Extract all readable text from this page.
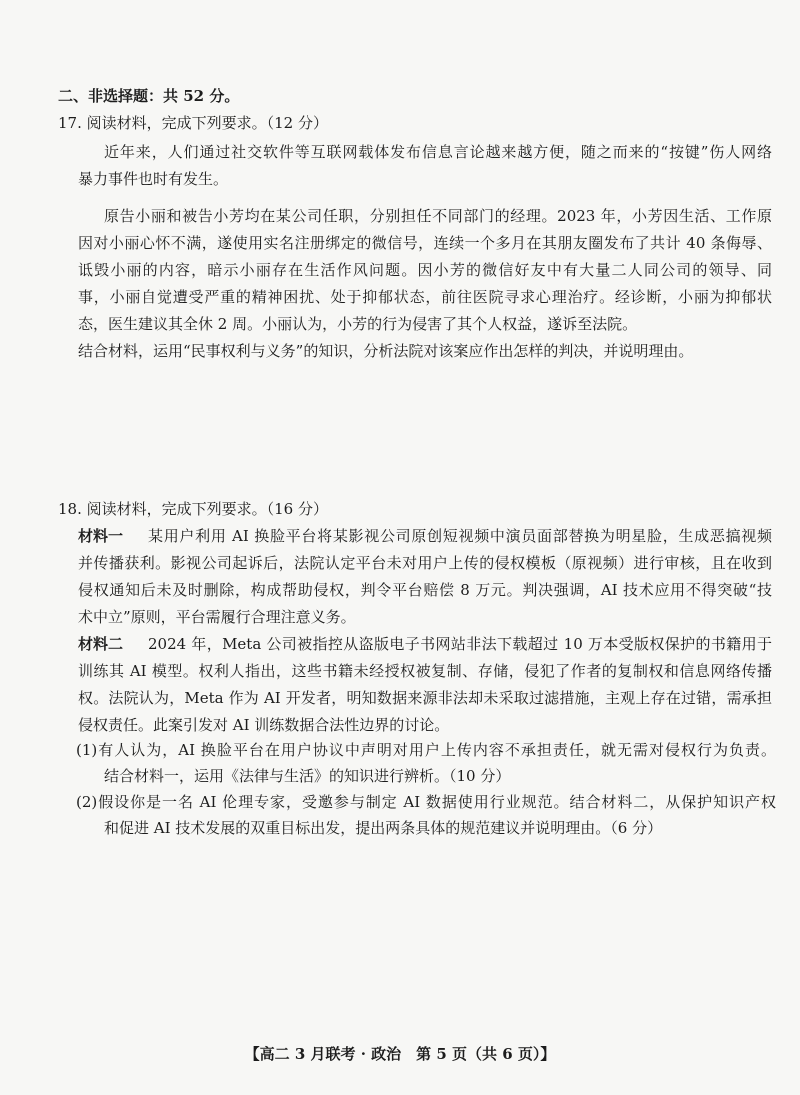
二、非选择题：共 52 分。
17. 阅读材料，完成下列要求。（12 分）
近年来，人们通过社交软件等互联网载体发布信息言论越来越方便，随之而来的“按键”伤人网络
暴力事件也时有发生。
原告小丽和被告小芳均在某公司任职，分别担任不同部门的经理。2023 年，小芳因生活、工作原
因对小丽心怀不满，遂使用实名注册绑定的微信号，连续一个多月在其朋友圈发布了共计 40 条侮辱、
诋毁小丽的内容，暗示小丽存在生活作风问题。因小芳的微信好友中有大量二人同公司的领导、同
事，小丽自觉遭受严重的精神困扰、处于抑郁状态，前往医院寻求心理治疗。经诊断，小丽为抑郁状
态，医生建议其全休 2 周。小丽认为，小芳的行为侵害了其个人权益，遂诉至法院。
结合材料，运用“民事权利与义务”的知识，分析法院对该案应作出怎样的判决，并说明理由。
18. 阅读材料，完成下列要求。（16 分）
材料一 某用户利用 AI 换脸平台将某影视公司原创短视频中演员面部替换为明星脸，生成恶搞视频
并传播获利。影视公司起诉后，法院认定平台未对用户上传的侵权模板（原视频）进行审核，且在收到
侵权通知后未及时删除，构成帮助侵权，判令平台赔偿 8 万元。判决强调，AI 技术应用不得突破“技
术中立”原则，平台需履行合理注意义务。
材料二 2024 年，Meta 公司被指控从盗版电子书网站非法下载超过 10 万本受版权保护的书籍用于
训练其 AI 模型。权利人指出，这些书籍未经授权被复制、存储，侵犯了作者的复制权和信息网络传播
权。法院认为，Meta 作为 AI 开发者，明知数据来源非法却未采取过滤措施，主观上存在过错，需承担
侵权责任。此案引发对 AI 训练数据合法性边界的讨论。
(1)有人认为，AI 换脸平台在用户协议中声明对用户上传内容不承担责任，就无需对侵权行为负责。
结合材料一，运用《法律与生活》的知识进行辨析。（10 分）
(2)假设你是一名 AI 伦理专家，受邀参与制定 AI 数据使用行业规范。结合材料二，从保护知识产权
和促进 AI 技术发展的双重目标出发，提出两条具体的规范建议并说明理由。（6 分）
【高二 3 月联考 · 政治　第 5 页（共 6 页）】
